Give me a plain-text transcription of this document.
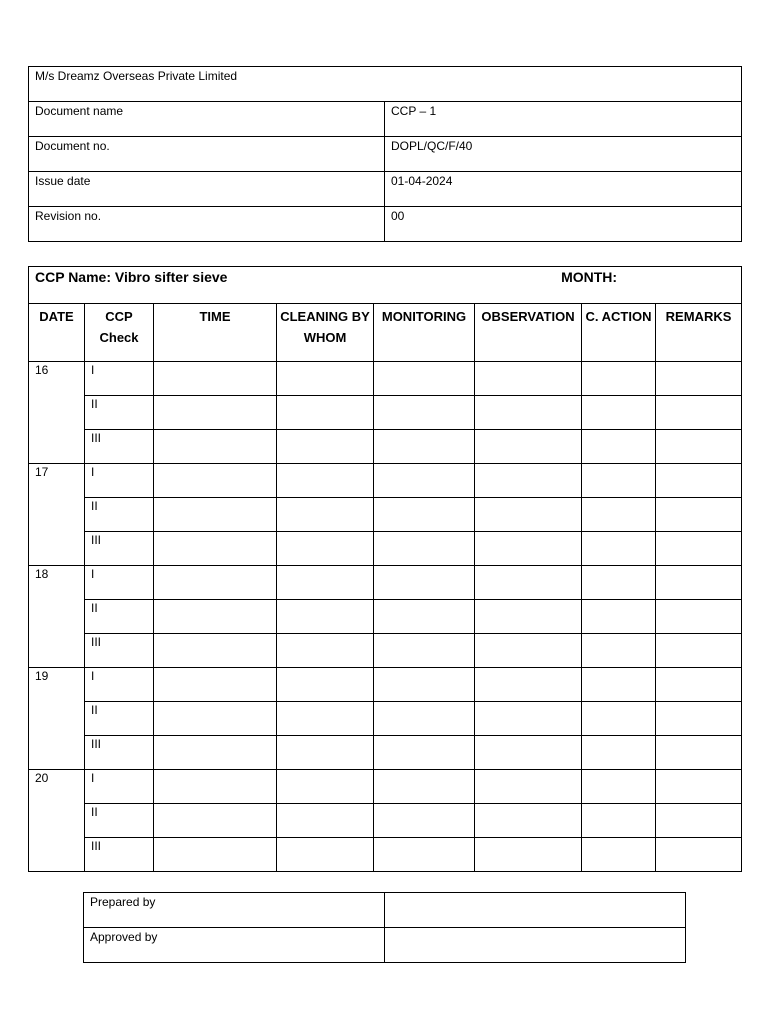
M/s Dreamz Overseas Private Limited	
Document name	CCP – 1
Document no.	DOPL/QC/F/40
Issue date	01-04-2024
Revision no.	00
CCP Name: Vibro sifter sieve MONTH:							

DATE	CCP Check	TIME	CLEANING BY WHOM	MONITORING	OBSERVATION	C. ACTION	REMARKS
16	I						
	II						
	III						
17	I						
	II						
	III						
18	I						
	II						
	III						
19	I						
	II						
	III						
20	I						
	II						
	III						
Prepared by	
Approved by	
